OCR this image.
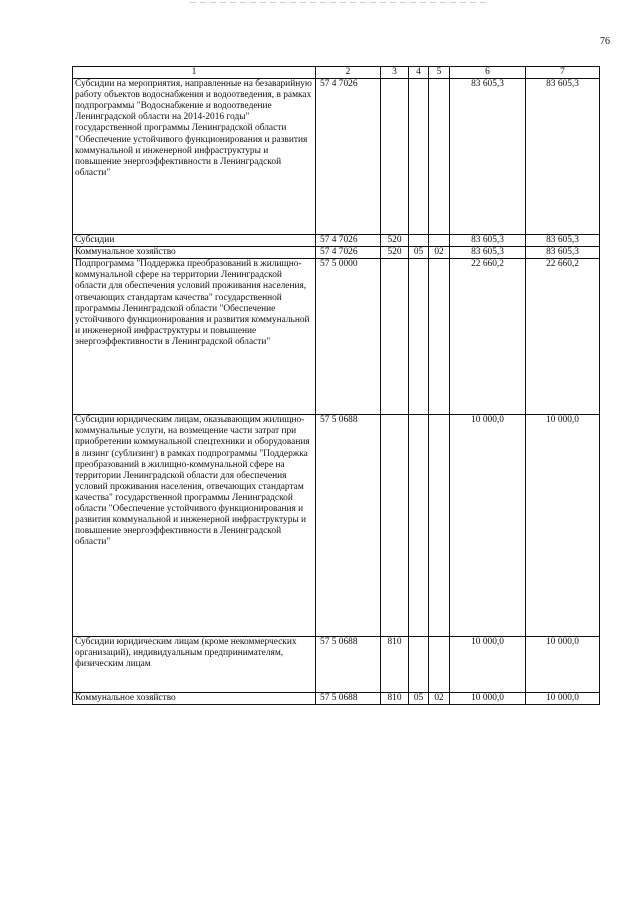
76
1	2	3	4	5	6	7
Субсидии на мероприятия, направленные на безаварийную работу объектов водоснабжения и водоотведения, в рамках подпрограммы "Водоснабжение и водоотведение Ленинградской области на 2014-2016 годы" государственной программы Ленинградской области "Обеспечение устойчивого функционирования и развития коммунальной и инженерной инфраструктуры и повышение энергоэффективности в Ленинградской области"	57 4 7026				83 605,3	83 605,3
Субсидии	57 4 7026	520			83 605,3	83 605,3
Коммунальное хозяйство	57 4 7026	520	05	02	83 605,3	83 605,3
Подпрограмма "Поддержка преобразований в жилищно-коммунальной сфере на территории Ленинградской области для обеспечения условий проживания населения, отвечающих стандартам качества" государственной программы Ленинградской области "Обеспечение устойчивого функционирования и развития коммунальной и инженерной инфраструктуры и повышение энергоэффективности в Ленинградской области"	57 5 0000				22 660,2	22 660,2
Субсидии юридическим лицам, оказывающим жилищно-коммунальные услуги, на возмещение части затрат при приобретении коммунальной спецтехники и оборудования в лизинг (сублизинг) в рамках подпрограммы "Поддержка преобразований в жилищно-коммунальной сфере на территории Ленинградской области для обеспечения условий проживания населения, отвечающих стандартам качества" государственной программы Ленинградской области "Обеспечение устойчивого функционирования и развития коммунальной и инженерной инфраструктуры и повышение энергоэффективности в Ленинградской области"	57 5 0688				10 000,0	10 000,0
Субсидии юридическим лицам (кроме некоммерческих организаций), индивидуальным предпринимателям, физическим лицам	57 5 0688	810			10 000,0	10 000,0
Коммунальное хозяйство	57 5 0688	810	05	02	10 000,0	10 000,0
